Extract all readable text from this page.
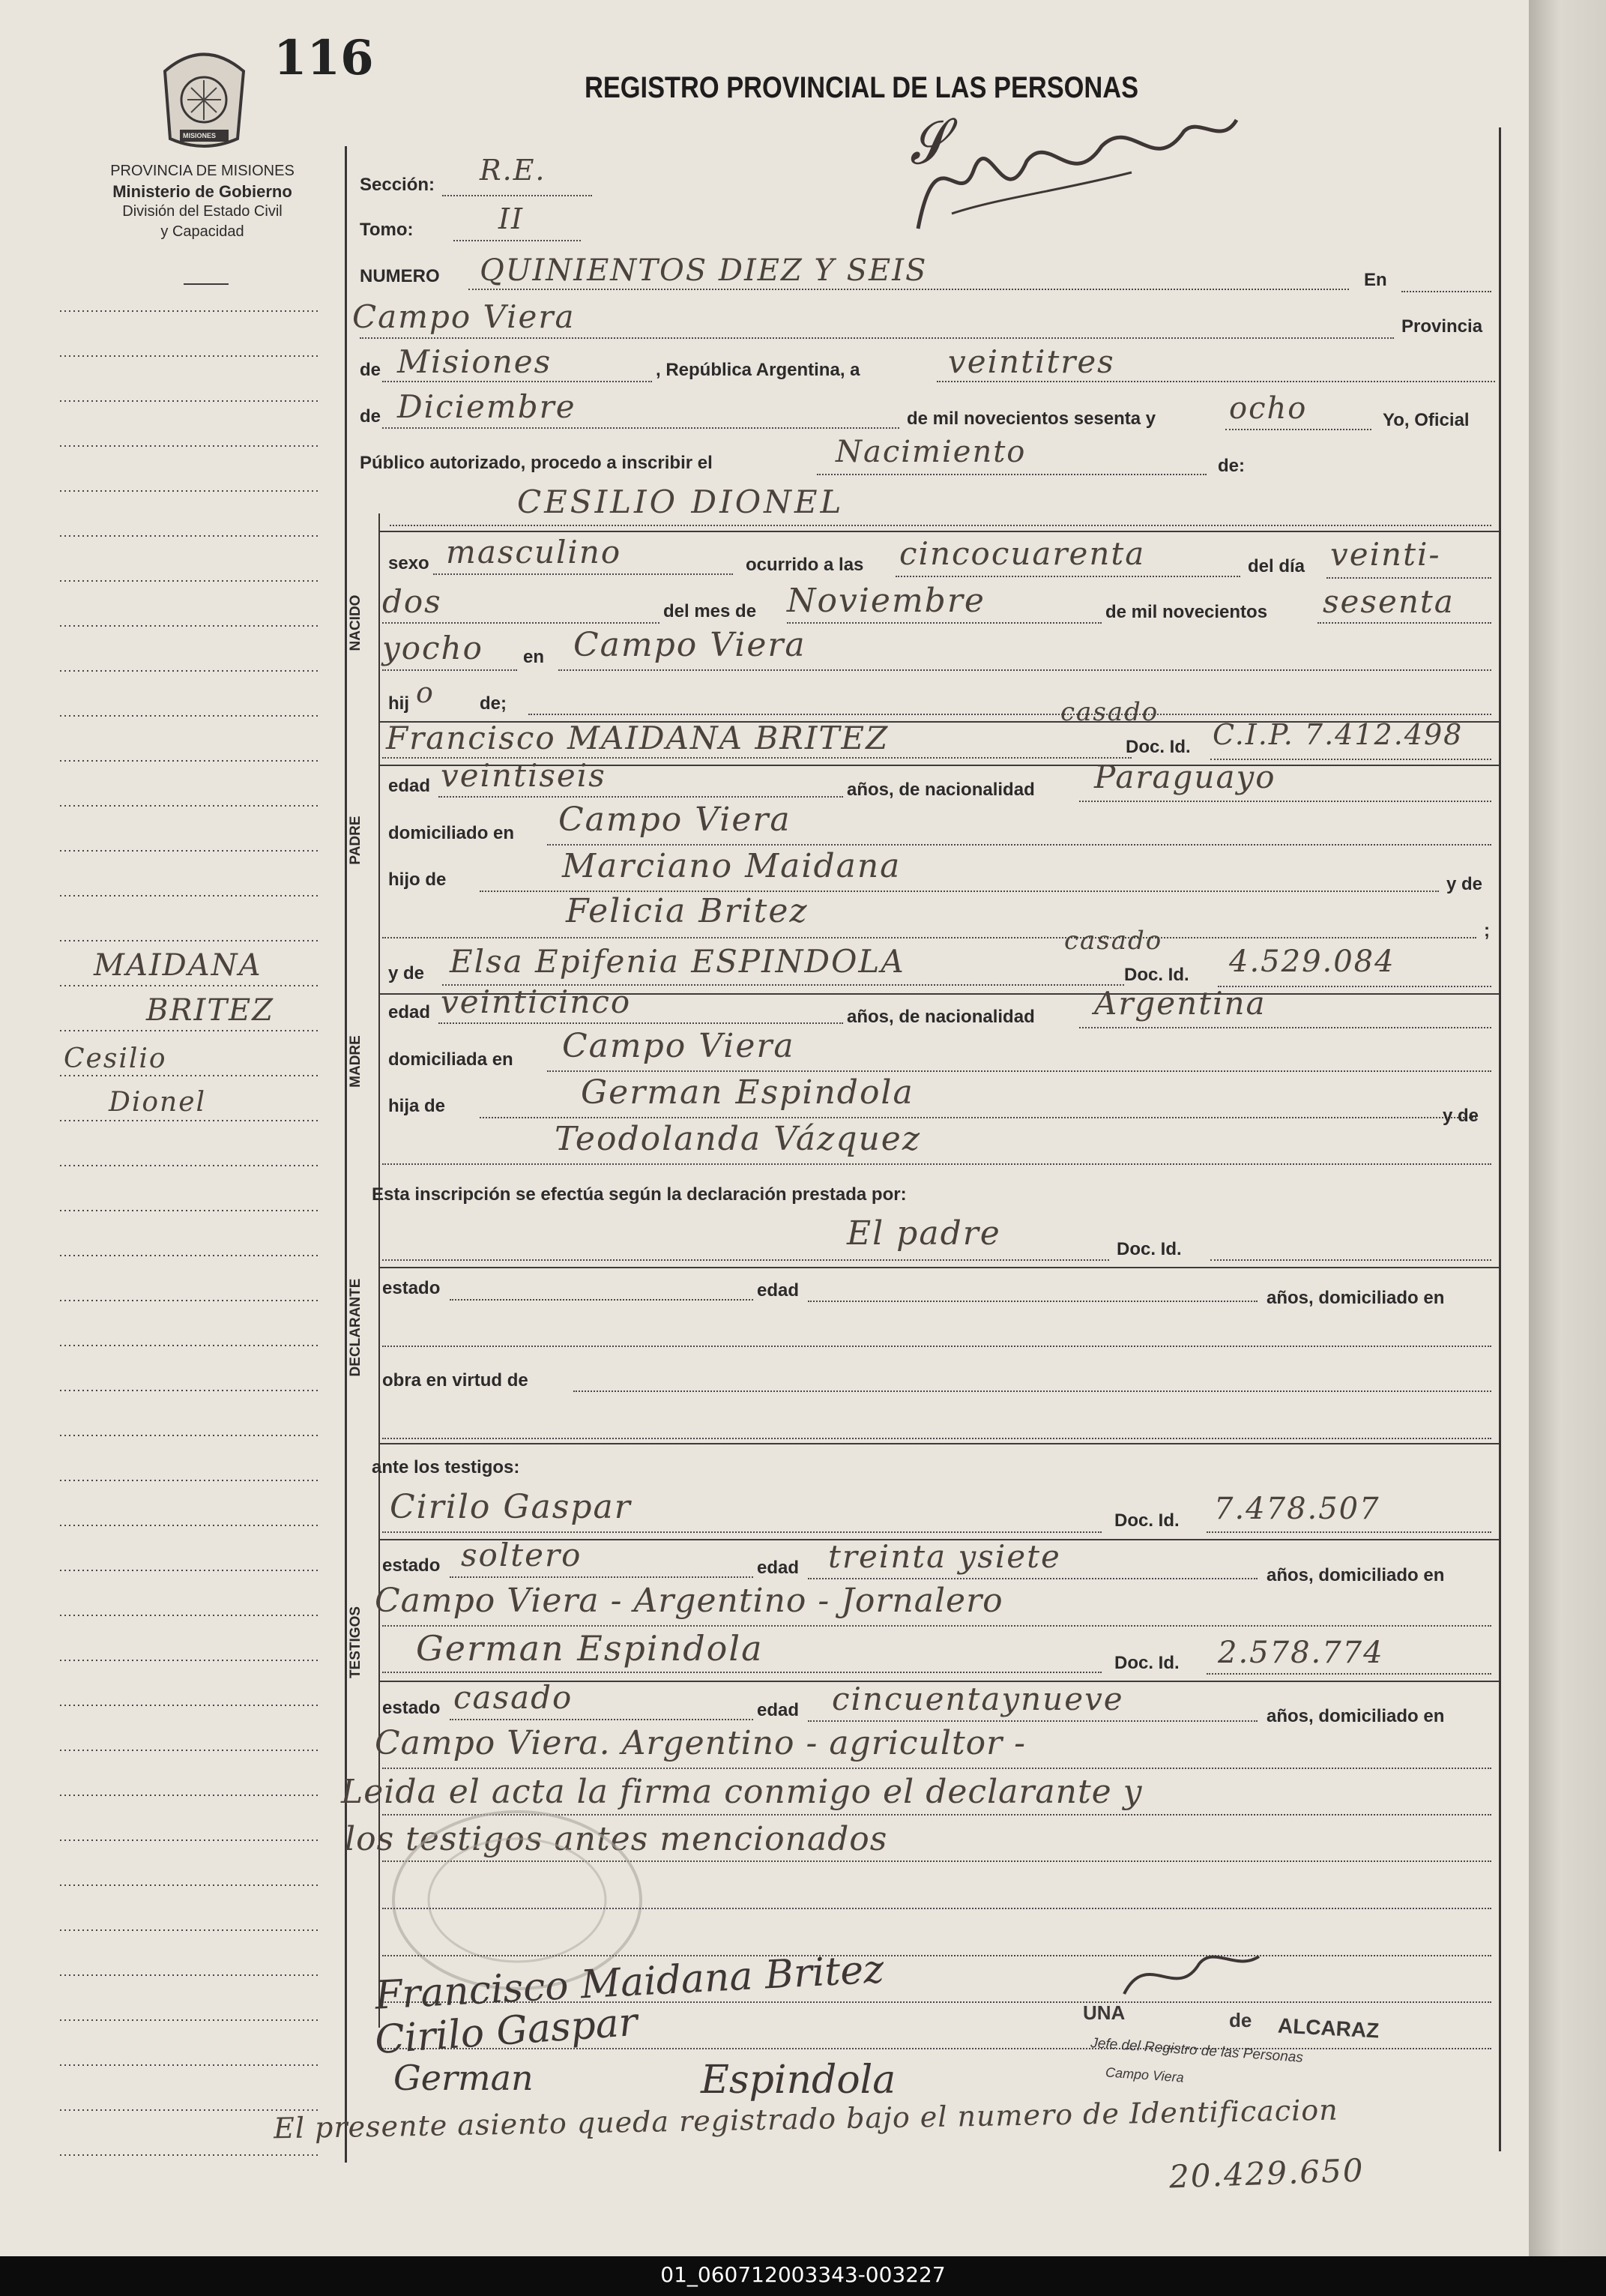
MISIONES
116
REGISTRO PROVINCIAL DE LAS PERSONAS
PROVINCIA DE MISIONES
Ministerio de Gobierno
División del Estado Civil
y Capacidad
MAIDANA
BRITEZ
Cesilio
Dionel
Sección: R.E.
Tomo:	II
𝓢
NUMERO QUINIENTOS DIEZ Y SEIS	En
Campo Viera	Provincia
de Misiones	, República Argentina, a	veintitres
de Diciembre	de mil novecientos sesenta y ocho	Yo, Oficial
Público autorizado, procedo a inscribir el	Nacimiento	de:
NACIDO
CESILIO DIONEL
sexo masculino	ocurrido a las cincocuarenta	del día veinti-
dos	del mes de Noviembre	de mil novecientos sesenta
yocho en Campo Viera
hij o	de;
PADRE
Francisco MAIDANA BRITEZ
casado
Doc. Id. C.I.P. 7.412.498
edad veintiseis	años, de nacionalidad Paraguayo
domiciliado en Campo Viera
hijo de	Marciano Maidana	y de
Felicia Britez
;
MADRE
y de Elsa Epifenia ESPINDOLA
casado
Doc. Id. 4.529.084
edad veinticinco	años, de nacionalidad Argentina
domiciliada en Campo Viera
hija de	German Espindola
y de
Teodolanda Vázquez
Esta inscripción se efectúa según la declaración prestada por:
DECLARANTE
El padre	Doc. Id.
estado	edad	años, domiciliado en
obra en virtud de
ante los testigos:
TESTIGOS
Cirilo Gaspar	Doc. Id. 7.478.507
estado soltero	edad treinta ysiete
años, domiciliado en
Campo Viera - Argentino - Jornalero
German Espindola	Doc. Id. 2.578.774
estado casado	edad cincuentaynueve	años, domiciliado en
Campo Viera. Argentino - agricultor -
Leida el acta la firma conmigo el declarante y
los testigos antes mencionados
Francisco Maidana Britez
Cirilo Gaspar
German	Espindola
UNA	de ALCARAZ
Jefe del Registro de las Personas
Campo Viera
El presente asiento queda registrado bajo el numero de Identificacion
20.429.650
01_060712003343-003227
